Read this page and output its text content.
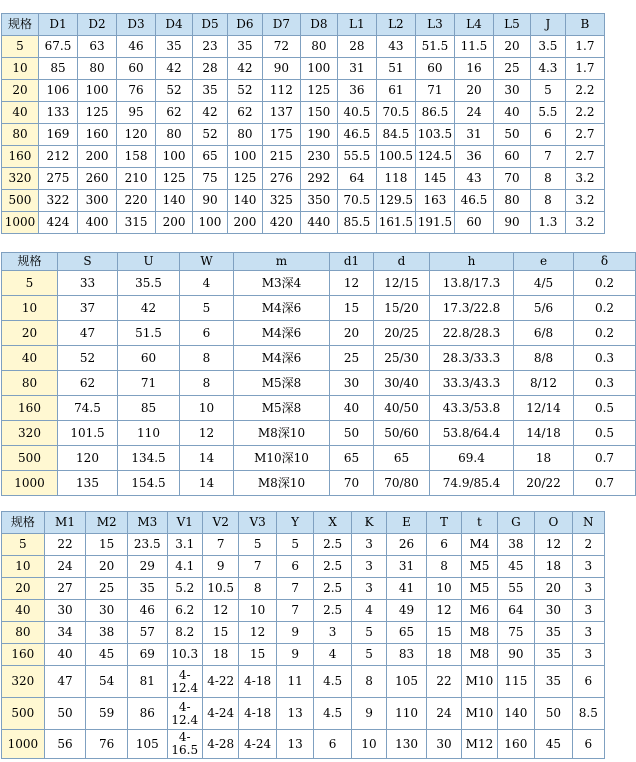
规格	D1	D2	D3	D4	D5	D6	D7	D8	L1	L2	L3	L4	L5	J	B
5	67.5	63	46	35	23	35	72	80	28	43	51.5	11.5	20	3.5	1.7
10	85	80	60	42	28	42	90	100	31	51	60	16	25	4.3	1.7
20	106	100	76	52	35	52	112	125	36	61	71	20	30	5	2.2
40	133	125	95	62	42	62	137	150	40.5	70.5	86.5	24	40	5.5	2.2
80	169	160	120	80	52	80	175	190	46.5	84.5	103.5	31	50	6	2.7
160	212	200	158	100	65	100	215	230	55.5	100.5	124.5	36	60	7	2.7
320	275	260	210	125	75	125	276	292	64	118	145	43	70	8	3.2
500	322	300	220	140	90	140	325	350	70.5	129.5	163	46.5	80	8	3.2
1000	424	400	315	200	100	200	420	440	85.5	161.5	191.5	60	90	1.3	3.2
规格	S	U	W	m	d1	d	h	e	δ
5	33	35.5	4	M3深4	12	12/15	13.8/17.3	4/5	0.2
10	37	42	5	M4深6	15	15/20	17.3/22.8	5/6	0.2
20	47	51.5	6	M4深6	20	20/25	22.8/28.3	6/8	0.2
40	52	60	8	M4深6	25	25/30	28.3/33.3	8/8	0.3
80	62	71	8	M5深8	30	30/40	33.3/43.3	8/12	0.3
160	74.5	85	10	M5深8	40	40/50	43.3/53.8	12/14	0.5
320	101.5	110	12	M8深10	50	50/60	53.8/64.4	14/18	0.5
500	120	134.5	14	M10深10	65	65	69.4	18	0.7
1000	135	154.5	14	M8深10	70	70/80	74.9/85.4	20/22	0.7
规格	M1	M2	M3	V1	V2	V3	Y	X	K	E	T	t	G	O	N
5	22	15	23.5	3.1	7	5	5	2.5	3	26	6	M4	38	12	2
10	24	20	29	4.1	9	7	6	2.5	3	31	8	M5	45	18	3
20	27	25	35	5.2	10.5	8	7	2.5	3	41	10	M5	55	20	3
40	30	30	46	6.2	12	10	7	2.5	4	49	12	M6	64	30	3
80	34	38	57	8.2	15	12	9	3	5	65	15	M8	75	35	3
160	40	45	69	10.3	18	15	9	4	5	83	18	M8	90	35	3
320	47	54	81	4-12.4	4-22	4-18	11	4.5	8	105	22	M10	115	35	6
500	50	59	86	4-12.4	4-24	4-18	13	4.5	9	110	24	M10	140	50	8.5
1000	56	76	105	4-16.5	4-28	4-24	13	6	10	130	30	M12	160	45	6
